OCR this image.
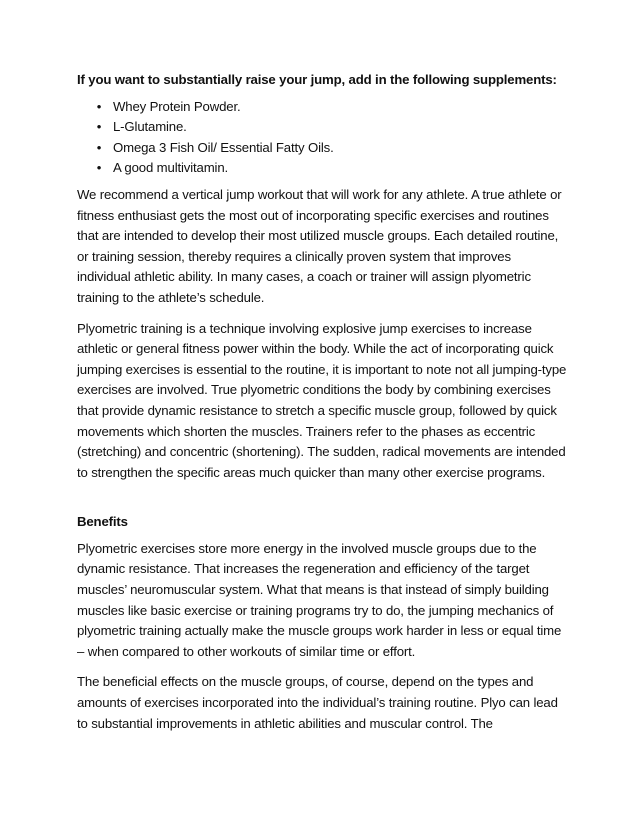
If you want to substantially raise your jump, add in the following supplements:
• Whey Protein Powder.
• L-Glutamine.
• Omega 3 Fish Oil/ Essential Fatty Oils.
• A good multivitamin.

We recommend a vertical jump workout that will work for any athlete. A true athlete or fitness enthusiast gets the most out of incorporating specific exercises and routines that are intended to develop their most utilized muscle groups. Each detailed routine, or training session, thereby requires a clinically proven system that improves individual athletic ability. In many cases, a coach or trainer will assign plyometric training to the athlete’s schedule.

Plyometric training is a technique involving explosive jump exercises to increase athletic or general fitness power within the body. While the act of incorporating quick jumping exercises is essential to the routine, it is important to note not all jumping-type exercises are involved. True plyometric conditions the body by combining exercises that provide dynamic resistance to stretch a specific muscle group, followed by quick movements which shorten the muscles. Trainers refer to the phases as eccentric (stretching) and concentric (shortening). The sudden, radical movements are intended to strengthen the specific areas much quicker than many other exercise programs.

Benefits

Plyometric exercises store more energy in the involved muscle groups due to the dynamic resistance. That increases the regeneration and efficiency of the target muscles’ neuromuscular system. What that means is that instead of simply building muscles like basic exercise or training programs try to do, the jumping mechanics of plyometric training actually make the muscle groups work harder in less or equal time – when compared to other workouts of similar time or effort.

The beneficial effects on the muscle groups, of course, depend on the types and amounts of exercises incorporated into the individual’s training routine. Plyo can lead to substantial improvements in athletic abilities and muscular control. The
